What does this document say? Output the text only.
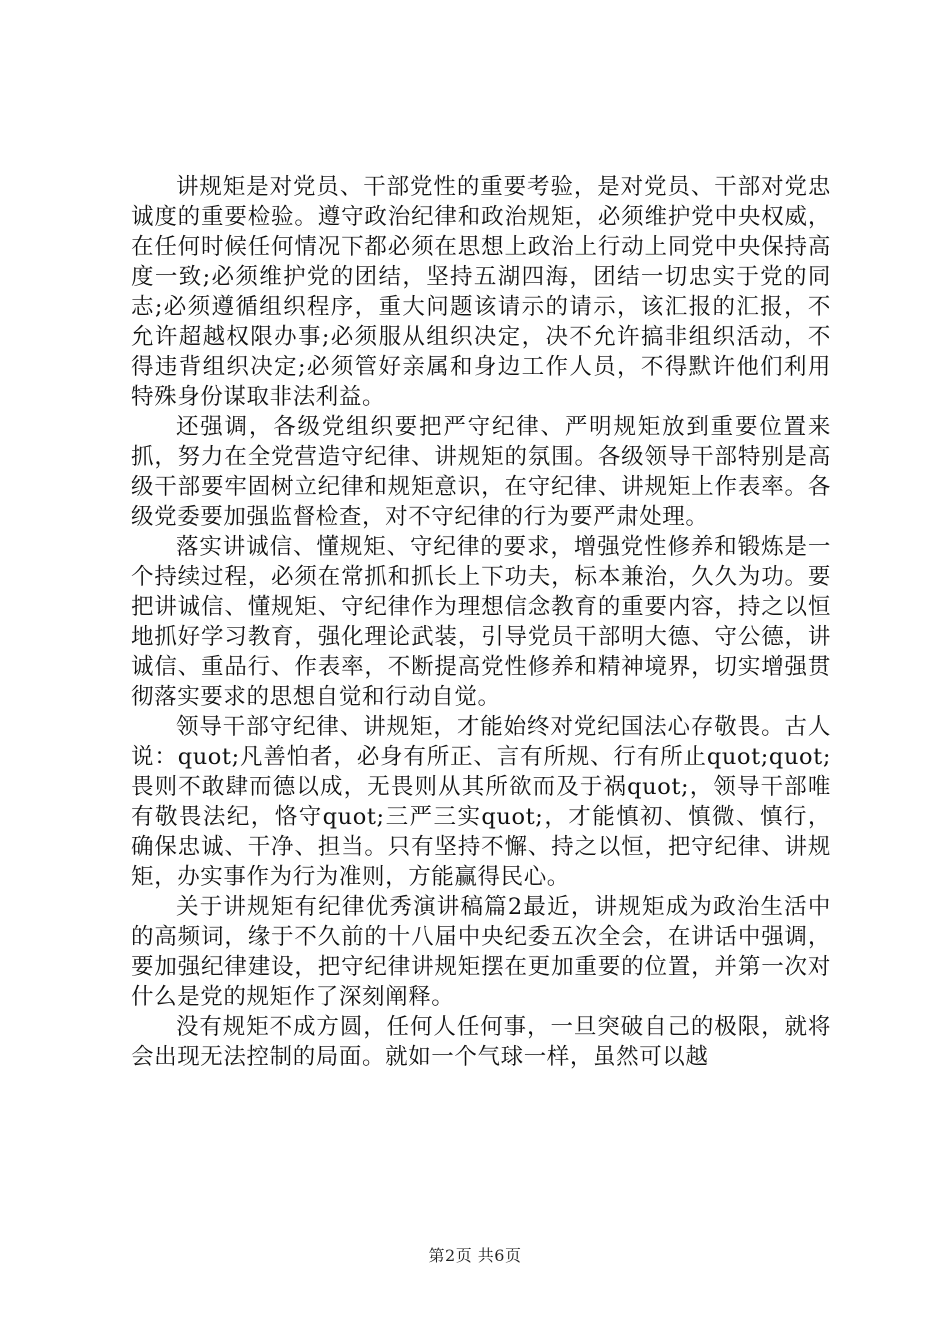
讲规矩是对党员、干部党性的重要考验，是对党员、干部对党忠诚度的重要检验。遵守政治纪律和政治规矩，必须维护党中央权威，在任何时候任何情况下都必须在思想上政治上行动上同党中央保持高度一致;必须维护党的团结，坚持五湖四海，团结一切忠实于党的同志;必须遵循组织程序，重大问题该请示的请示，该汇报的汇报，不允许超越权限办事;必须服从组织决定，决不允许搞非组织活动，不得违背组织决定;必须管好亲属和身边工作人员，不得默许他们利用特殊身份谋取非法利益。

还强调，各级党组织要把严守纪律、严明规矩放到重要位置来抓，努力在全党营造守纪律、讲规矩的氛围。各级领导干部特别是高级干部要牢固树立纪律和规矩意识，在守纪律、讲规矩上作表率。各级党委要加强监督检查，对不守纪律的行为要严肃处理。

落实讲诚信、懂规矩、守纪律的要求，增强党性修养和锻炼是一个持续过程，必须在常抓和抓长上下功夫，标本兼治，久久为功。要把讲诚信、懂规矩、守纪律作为理想信念教育的重要内容，持之以恒地抓好学习教育，强化理论武装，引导党员干部明大德、守公德，讲诚信、重品行、作表率，不断提高党性修养和精神境界，切实增强贯彻落实要求的思想自觉和行动自觉。

领导干部守纪律、讲规矩，才能始终对党纪国法心存敬畏。古人说：quot;凡善怕者，必身有所正、言有所规、行有所止quot;quot;畏则不敢肆而德以成，无畏则从其所欲而及于祸quot;，领导干部唯有敬畏法纪，恪守quot;三严三实quot;，才能慎初、慎微、慎行，确保忠诚、干净、担当。只有坚持不懈、持之以恒，把守纪律、讲规矩，办实事作为行为准则，方能赢得民心。

关于讲规矩有纪律优秀演讲稿篇2最近，讲规矩成为政治生活中的高频词，缘于不久前的十八届中央纪委五次全会，在讲话中强调，要加强纪律建设，把守纪律讲规矩摆在更加重要的位置，并第一次对什么是党的规矩作了深刻阐释。

没有规矩不成方圆，任何人任何事，一旦突破自己的极限，就将会出现无法控制的局面。就如一个气球一样，虽然可以越

第2页 共6页
